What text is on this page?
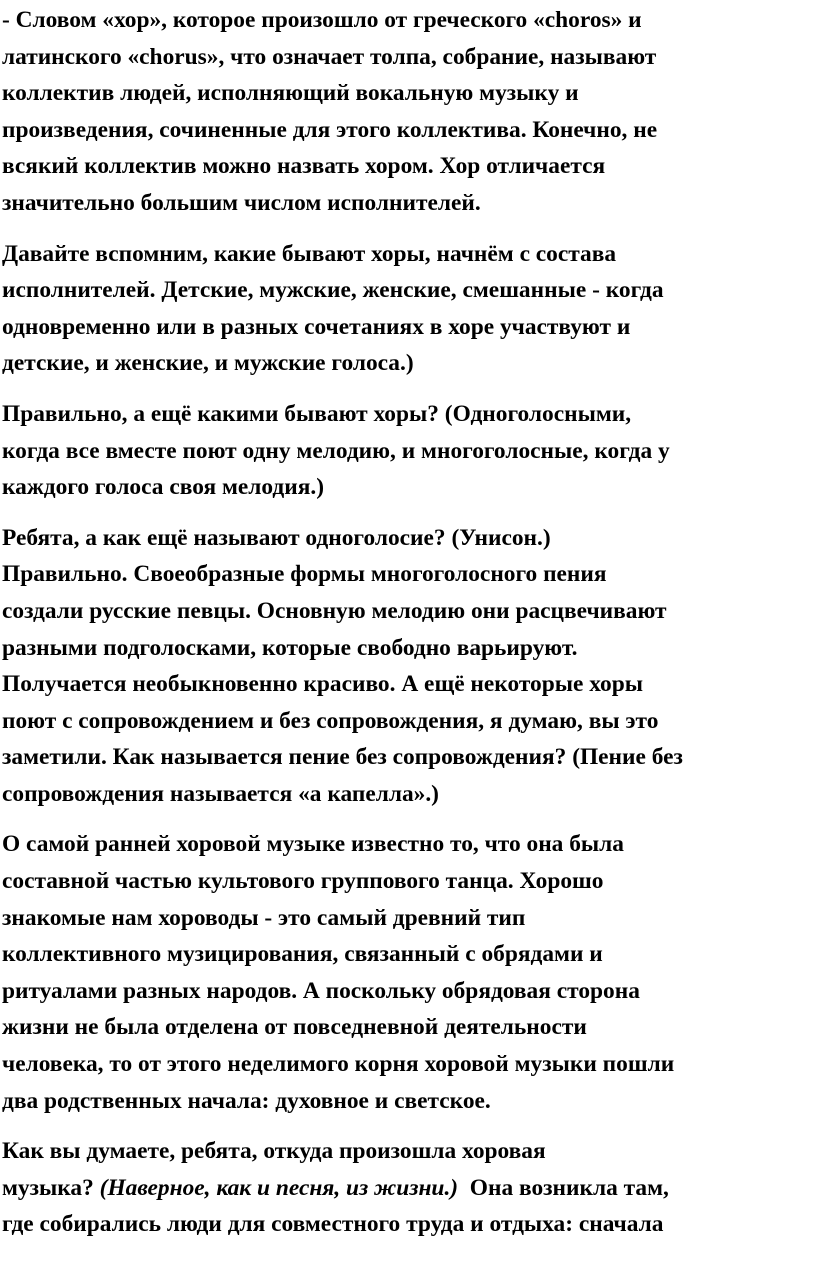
- Словом «хор», которое произошло от греческого «choros» и
латинского «chorus», что означает толпа, собрание, называют
коллектив людей, исполняющий вокальную музыку и
произведения, сочиненные для этого коллектива. Конечно, не
всякий коллектив можно назвать хором. Хор отличается
значительно большим числом исполнителей.
Давайте вспомним, какие бывают хоры, начнём с состава
исполнителей. Детские, мужские, женские, смешанные - когда
одновременно или в разных сочетаниях в хоре участвуют и
детские, и женские, и мужские голоса.)
Правильно, а ещё какими бывают хоры? (Одноголосными,
когда все вместе поют одну мелодию, и многоголосные, когда у
каждого голоса своя мелодия.)
Ребята, а как ещё называют одноголосие? (Унисон.)
Правильно. Своеобразные формы многоголосного пения
создали русские певцы. Основную мелодию они расцвечивают
разными подголосками, которые свободно варьируют.
Получается необыкновенно красиво. А ещё некоторые хоры
поют с сопровождением и без сопровождения, я думаю, вы это
заметили. Как называется пение без сопровождения? (Пение без
сопровождения называется «а капелла».)
О самой ранней хоровой музыке известно то, что она была
составной частью культового группового танца. Хорошо
знакомые нам хороводы - это самый древний тип
коллективного музицирования, связанный с обрядами и
ритуалами разных народов. А поскольку обрядовая сторона
жизни не была отделена от повседневной деятельности
человека, то от этого неделимого корня хоровой музыки пошли
два родственных начала: духовное и светское.
Как вы думаете, ребята, откуда произошла хоровая
музыка? (Наверное, как и песня, из жизни.)  Она возникла там,
где собирались люди для совместного труда и отдыха: сначала
